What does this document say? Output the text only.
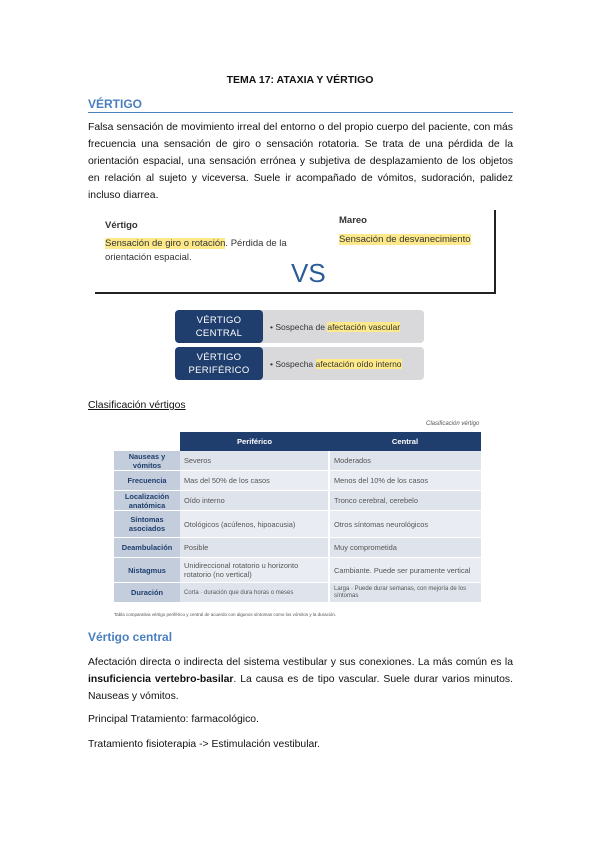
TEMA 17: ATAXIA Y VÉRTIGO
VÉRTIGO
Falsa sensación de movimiento irreal del entorno o del propio cuerpo del paciente, con más frecuencia una sensación de giro o sensación rotatoria. Se trata de una pérdida de la orientación espacial, una sensación errónea y subjetiva de desplazamiento de los objetos en relación al sujeto y viceversa. Suele ir acompañado de vómitos, sudoración, palidez incluso diarrea.
Vértigo
Sensación de giro o rotación. Pérdida de la orientación espacial.
Mareo
Sensación de desvanecimiento
VS
VÉRTIGO
CENTRAL
• Sospecha de
afectación vascular
VÉRTIGO
PERIFÉRICO
• Sospecha
afectación oído interno
Clasificación vértigos
Clasificación vértigo
	Periférico	Central
Nauseas y vómitos	Severos	Moderados
Frecuencia	Mas del 50% de los casos	Menos del 10% de los casos
Localización anatómica	Oído interno	Tronco cerebral, cerebelo
Síntomas asociados	Otológicos (acúfenos, hipoacusia)	Otros síntomas neurológicos
Deambulación	Posible	Muy comprometida
Nistagmus	Unidireccional rotatorio u horizonto rotatorio (no vertical)	Cambiante. Puede ser puramente vertical
Duración	Corta · duración que dura horas o meses	Larga · Puede durar semanas, con mejoría de los síntomas
Tabla comparativa vértigo periférico y central de acuerdo con algunos síntomas como los vómitos y la duración.
Vértigo central
Afectación directa o indirecta del sistema vestibular y sus conexiones. La más común es la insuficiencia vertebro-basilar. La causa es de tipo vascular. Suele durar varios minutos. Nauseas y vómitos.
Principal Tratamiento: farmacológico.
Tratamiento fisioterapia -> Estimulación vestibular.
